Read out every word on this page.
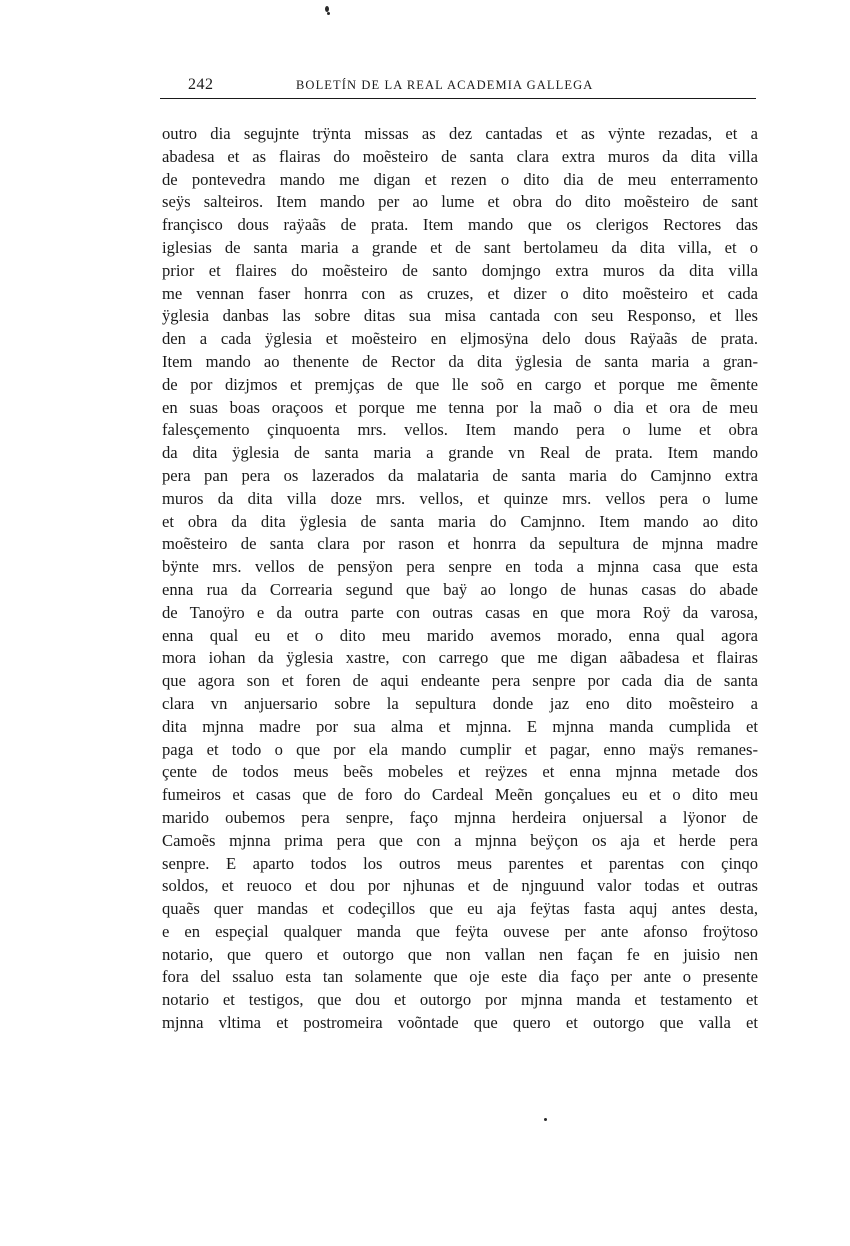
242	BOLETÍN DE LA REAL ACADEMIA GALLEGA
outro dia segujnte trÿnta missas as dez cantadas et as vÿnte rezadas, et a
abadesa et as flairas do moẽsteiro de santa clara extra muros da dita villa
de pontevedra mando me digan et rezen o dito dia de meu enterramento
seÿs salteiros. Item mando per ao lume et obra do dito moẽsteiro de sant
françisco dous raÿaãs de prata. Item mando que os clerigos Rectores das
iglesias de santa maria a grande et de sant bertolameu da dita villa, et o
prior et flaires do moẽsteiro de santo domjngo extra muros da dita villa
me vennan faser honrra con as cruzes, et dizer o dito moẽsteiro et cada
ÿglesia danbas las sobre ditas sua misa cantada con seu Responso, et lles
den a cada ÿglesia et moẽsteiro en eljmosÿna delo dous Raÿaãs de prata.
Item mando ao thenente de Rector da dita ÿglesia de santa maria a gran-
de por dizjmos et premjças de que lle soõ en cargo et porque me ẽmente
en suas boas oraçoos et porque me tenna por la maõ o dia et ora de meu
falesçemento çinquoenta mrs. vellos. Item mando pera o lume et obra
da dita ÿglesia de santa maria a grande vn Real de prata. Item mando
pera pan pera os lazerados da malataria de santa maria do Camjnno extra
muros da dita villa doze mrs. vellos, et quinze mrs. vellos pera o lume
et obra da dita ÿglesia de santa maria do Camjnno. Item mando ao dito
moẽsteiro de santa clara por rason et honrra da sepultura de mjnna madre
bÿnte mrs. vellos de pensÿon pera senpre en toda a mjnna casa que esta
enna rua da Correaria segund que baÿ ao longo de hunas casas do abade
de Tanoÿro e da outra parte con outras casas en que mora Roÿ da varosa,
enna qual eu et o dito meu marido avemos morado, enna qual agora
mora iohan da ÿglesia xastre, con carrego que me digan aãbadesa et flairas
que agora son et foren de aqui endeante pera senpre por cada dia de santa
clara vn anjuersario sobre la sepultura donde jaz eno dito moẽsteiro a
dita mjnna madre por sua alma et mjnna. E mjnna manda cumplida et
paga et todo o que por ela mando cumplir et pagar, enno maÿs remanes-
çente de todos meus beẽs mobeles et reÿzes et enna mjnna metade dos
fumeiros et casas que de foro do Cardeal Meẽn gonçalues eu et o dito meu
marido oubemos pera senpre, faço mjnna herdeira onjuersal a lÿonor de
Camoẽs mjnna prima pera que con a mjnna beÿçon os aja et herde pera
senpre. E aparto todos los outros meus parentes et parentas con çinqo
soldos, et reuoco et dou por njhunas et de njnguund valor todas et outras
quaẽs quer mandas et codeçillos que eu aja feÿtas fasta aquj antes desta,
e en espeçial qualquer manda que feÿta ouvese per ante afonso froÿtoso
notario, que quero et outorgo que non vallan nen façan fe en juisio nen
fora del ssaluo esta tan solamente que oje este dia faço per ante o presente
notario et testigos, que dou et outorgo por mjnna manda et testamento et
mjnna vltima et postromeira voõntade que quero et outorgo que valla et
